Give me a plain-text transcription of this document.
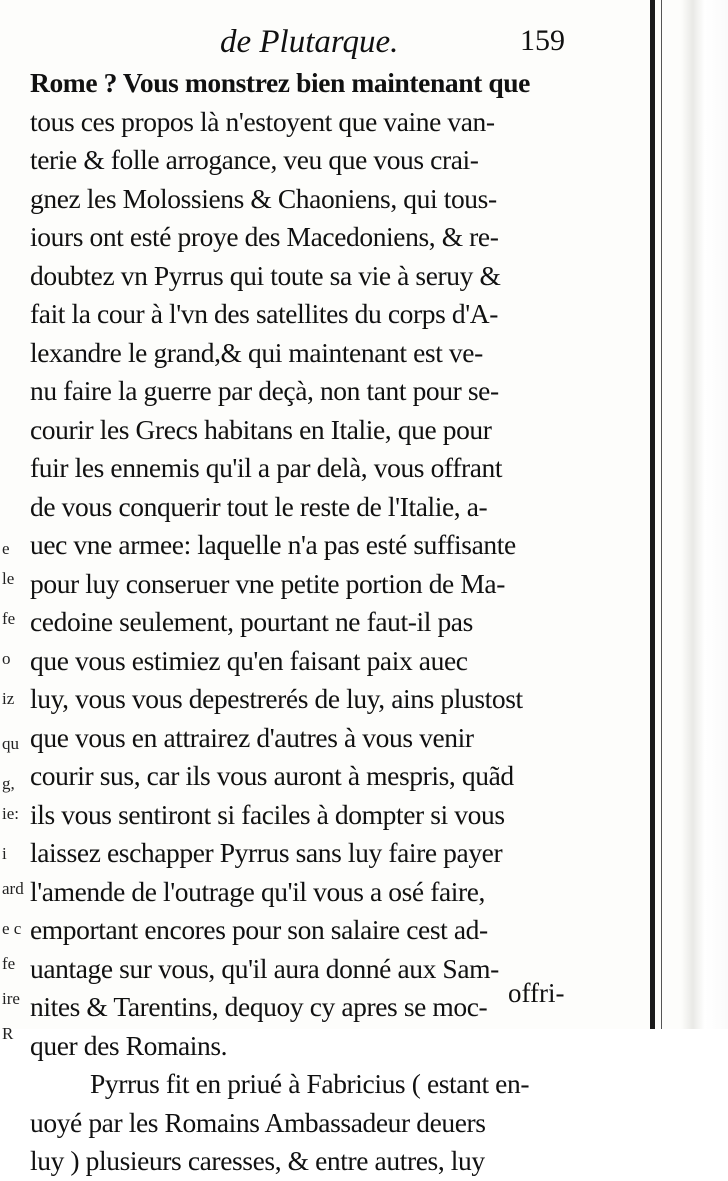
e
le
fe
o
iz
qu
g,
ie:
i
ard
e c
fe
ire
R
de Plutarque.	159
Rome ? Vous monstrez bien maintenant que
tous ces propos là n'estoyent que vaine van-
terie & folle arrogance, veu que vous crai-
gnez les Molossiens & Chaoniens, qui tous-
iours ont esté proye des Macedoniens, & re-
doubtez vn Pyrrus qui toute sa vie à seruy &
fait la cour à l'vn des satellites du corps d'A-
lexandre le grand,& qui maintenant est ve-
nu faire la guerre par deçà, non tant pour se-
courir les Grecs habitans en Italie, que pour
fuir les ennemis qu'il a par delà, vous offrant
de vous conquerir tout le reste de l'Italie, a-
uec vne armee: laquelle n'a pas esté suffisante
pour luy conseruer vne petite portion de Ma-
cedoine seulement, pourtant ne faut-il pas
que vous estimiez qu'en faisant paix auec
luy, vous vous depestrerés de luy, ains plustost
que vous en attrairez d'autres à vous venir
courir sus, car ils vous auront à mespris, quãd
ils vous sentiront si faciles à dompter si vous
laissez eschapper Pyrrus sans luy faire payer
l'amende de l'outrage qu'il vous a osé faire,
emportant encores pour son salaire cest ad-
uantage sur vous, qu'il aura donné aux Sam-
nites & Tarentins, dequoy cy apres se moc-
quer des Romains.
Pyrrus fit en priué à Fabricius ( estant en-
uoyé par les Romains Ambassadeur deuers
luy ) plusieurs caresses, & entre autres, luy
offri-
